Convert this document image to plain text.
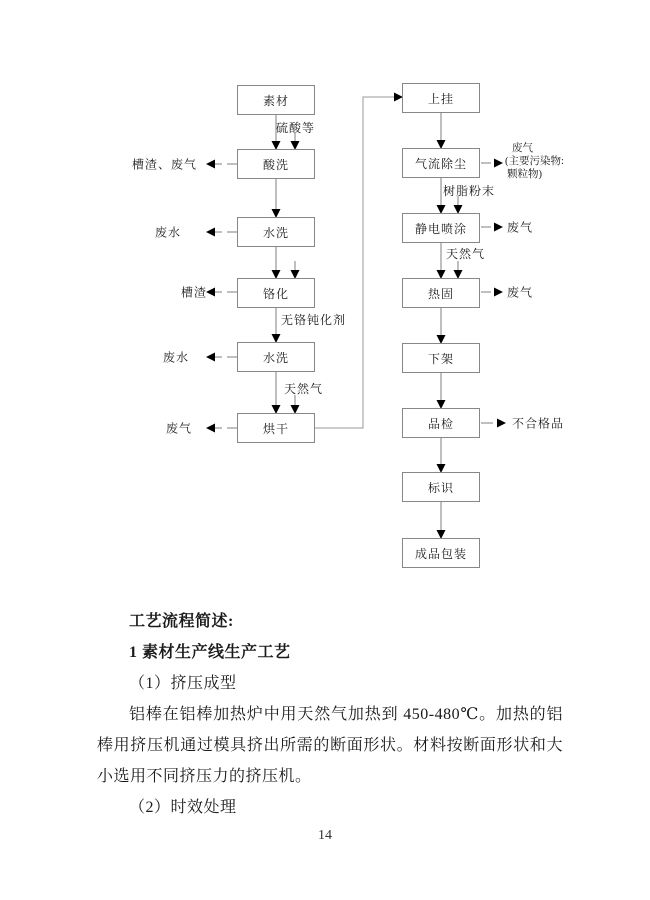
素材
酸洗
水洗
铬化
水洗
烘干
上挂
气流除尘
静电喷涂
热固
下架
品检
标识
成品包装
硫酸等
无铬钝化剂
天然气
树脂粉末
天然气
槽渣、废气
废水
槽渣
废水
废气
废气
(主要污染物:
颗粒物)
废气
废气
不合格品

工艺流程简述:

1 素材生产线生产工艺

（1）挤压成型

铝棒在铝棒加热炉中用天然气加热到 450-480℃。加热的铝棒用挤压机通过模具挤出所需的断面形状。材料按断面形状和大小选用不同挤压力的挤压机。

（2）时效处理

14
